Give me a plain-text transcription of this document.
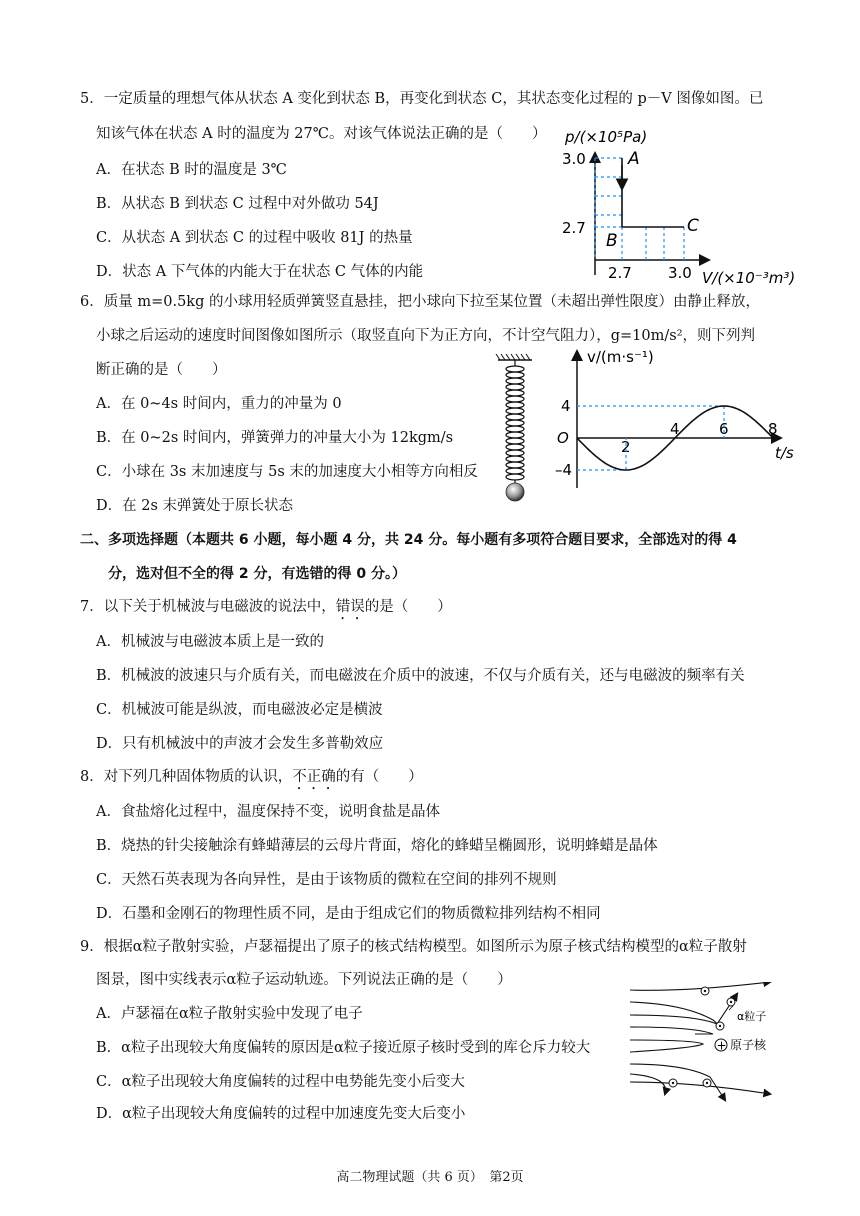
5．一定质量的理想气体从状态 A 变化到状态 B，再变化到状态 C，其状态变化过程的 p－V 图像如图。已
知该气体在状态 A 时的温度为 27℃。对该气体说法正确的是（　　）
A．在状态 B 时的温度是 3℃
B．从状态 B 到状态 C 过程中对外做功 54J
C．从状态 A 到状态 C 的过程中吸收 81J 的热量
D．状态 A 下气体的内能大于在状态 C 气体的内能
p/(×10⁵Pa)
3.0
2.7
2.7 3.0 V/(×10⁻³m³)
A
B
C
6．质量 m=0.5kg 的小球用轻质弹簧竖直悬挂，把小球向下拉至某位置（未超出弹性限度）由静止释放，
小球之后运动的速度时间图像如图所示（取竖直向下为正方向，不计空气阻力），g=10m/s²，则下列判
断正确的是（　　）
A．在 0~4s 时间内，重力的冲量为 0
B．在 0~2s 时间内，弹簧弹力的冲量大小为 12kgm/s
C．小球在 3s 末加速度与 5s 末的加速度大小相等方向相反
D．在 2s 末弹簧处于原长状态
v/(m·s⁻¹)
O
t/s
4
–4
2
4	6	8
二、多项选择题（本题共 6 小题，每小题 4 分，共 24 分。每小题有多项符合题目要求，全部选对的得 4
分，选对但不全的得 2 分，有选错的得 0 分。）
7．以下关于机械波与电磁波的说法中，错误的是（　　）
A．机械波与电磁波本质上是一致的
B．机械波的波速只与介质有关，而电磁波在介质中的波速，不仅与介质有关，还与电磁波的频率有关
C．机械波可能是纵波，而电磁波必定是横波
D．只有机械波中的声波才会发生多普勒效应
8．对下列几种固体物质的认识，不正确的有（　　）
A．食盐熔化过程中，温度保持不变，说明食盐是晶体
B．烧热的针尖接触涂有蜂蜡薄层的云母片背面，熔化的蜂蜡呈椭圆形，说明蜂蜡是晶体
C．天然石英表现为各向异性，是由于该物质的微粒在空间的排列不规则
D．石墨和金刚石的物理性质不同，是由于组成它们的物质微粒排列结构不相同
9．根据α粒子散射实验，卢瑟福提出了原子的核式结构模型。如图所示为原子核式结构模型的α粒子散射
图景，图中实线表示α粒子运动轨迹。下列说法正确的是（　　）
A．卢瑟福在α粒子散射实验中发现了电子
B．α粒子出现较大角度偏转的原因是α粒子接近原子核时受到的库仑斥力较大
C．α粒子出现较大角度偏转的过程中电势能先变小后变大
D．α粒子出现较大角度偏转的过程中加速度先变大后变小
α粒子
+ 原子核
高二物理试题（共 6 页）　第2页
